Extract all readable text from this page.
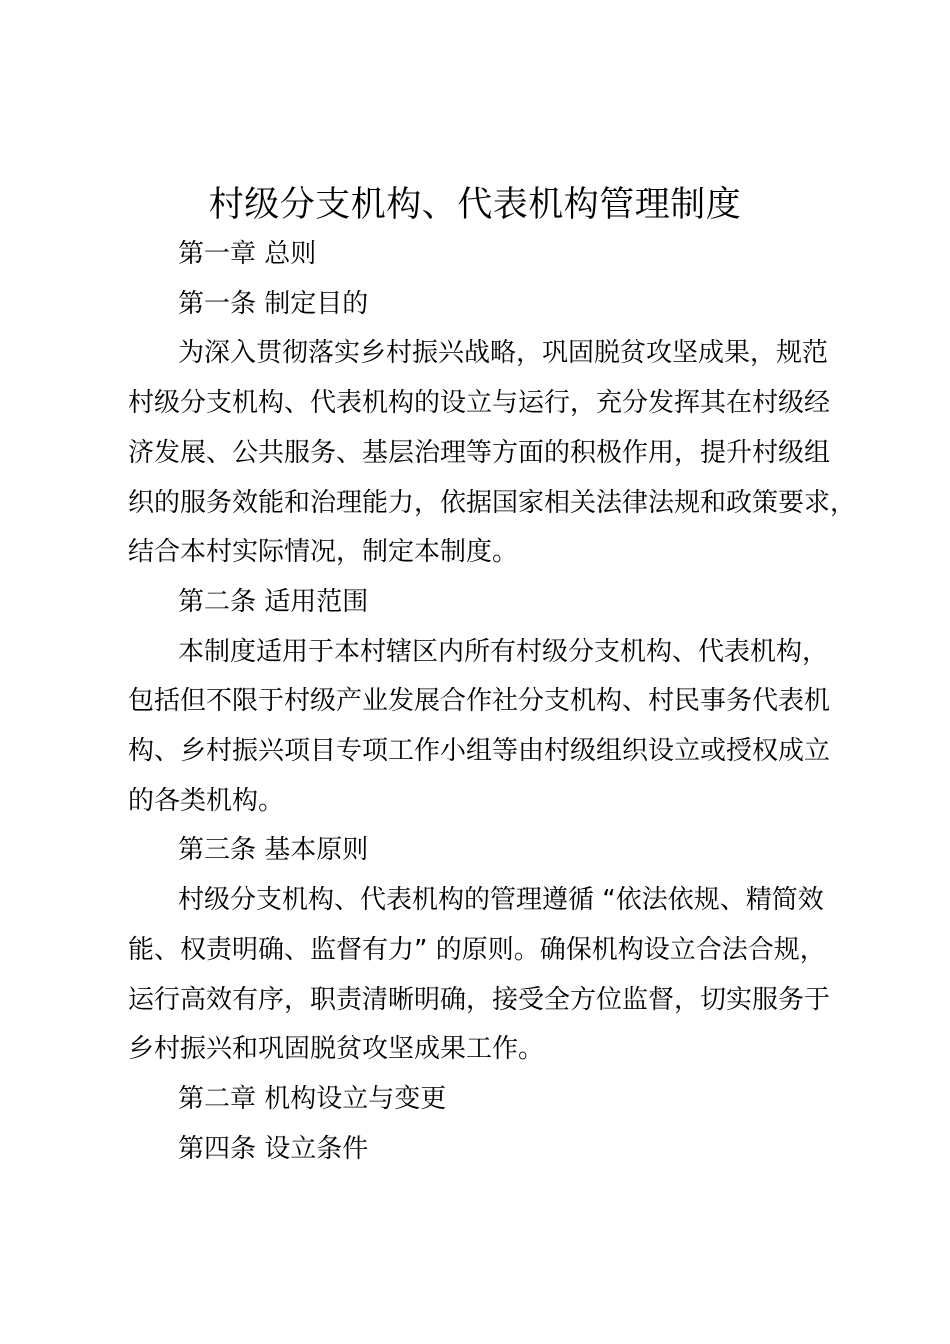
村级分支机构、代表机构管理制度

第一章 总则

第一条 制定目的

为深入贯彻落实乡村振兴战略，巩固脱贫攻坚成果，规范

村级分支机构、代表机构的设立与运行，充分发挥其在村级经

济发展、公共服务、基层治理等方面的积极作用，提升村级组

织的服务效能和治理能力，依据国家相关法律法规和政策要求，

结合本村实际情况，制定本制度。

第二条 适用范围

本制度适用于本村辖区内所有村级分支机构、代表机构，

包括但不限于村级产业发展合作社分支机构、村民事务代表机

构、乡村振兴项目专项工作小组等由村级组织设立或授权成立

的各类机构。

第三条 基本原则

村级分支机构、代表机构的管理遵循 “依法依规、精简效

能、权责明确、监督有力” 的原则。确保机构设立合法合规，

运行高效有序，职责清晰明确，接受全方位监督，切实服务于

乡村振兴和巩固脱贫攻坚成果工作。

第二章 机构设立与变更

第四条 设立条件
